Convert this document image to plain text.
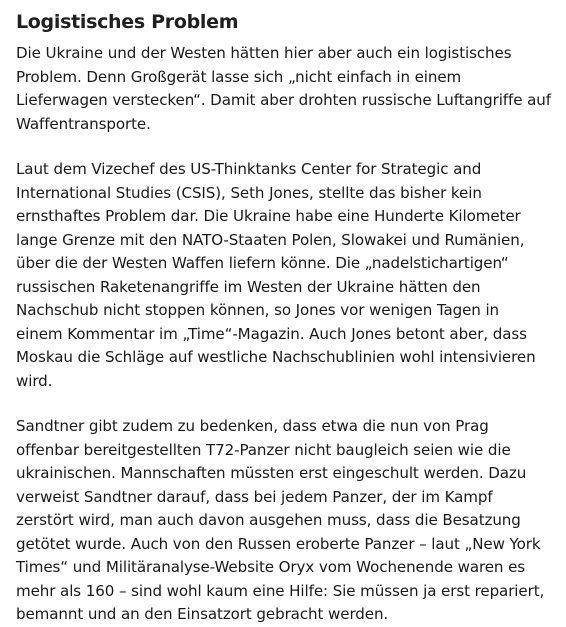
Logistisches Problem

Die Ukraine und der Westen hätten hier aber auch ein logistisches
Problem. Denn Großgerät lasse sich „nicht einfach in einem
Lieferwagen verstecken“. Damit aber drohten russische Luftangriffe auf
Waffentransporte.

Laut dem Vizechef des US-Thinktanks Center for Strategic and
International Studies (CSIS), Seth Jones, stellte das bisher kein
ernsthaftes Problem dar. Die Ukraine habe eine Hunderte Kilometer
lange Grenze mit den NATO-Staaten Polen, Slowakei und Rumänien,
über die der Westen Waffen liefern könne. Die „nadelstichartigen“
russischen Raketenangriffe im Westen der Ukraine hätten den
Nachschub nicht stoppen können, so Jones vor wenigen Tagen in
einem Kommentar im „Time“-Magazin. Auch Jones betont aber, dass
Moskau die Schläge auf westliche Nachschublinien wohl intensivieren
wird.

Sandtner gibt zudem zu bedenken, dass etwa die nun von Prag
offenbar bereitgestellten T72-Panzer nicht baugleich seien wie die
ukrainischen. Mannschaften müssten erst eingeschult werden. Dazu
verweist Sandtner darauf, dass bei jedem Panzer, der im Kampf
zerstört wird, man auch davon ausgehen muss, dass die Besatzung
getötet wurde. Auch von den Russen eroberte Panzer – laut „New York
Times“ und Militäranalyse-Website Oryx vom Wochenende waren es
mehr als 160 – sind wohl kaum eine Hilfe: Sie müssen ja erst repariert,
bemannt und an den Einsatzort gebracht werden.
